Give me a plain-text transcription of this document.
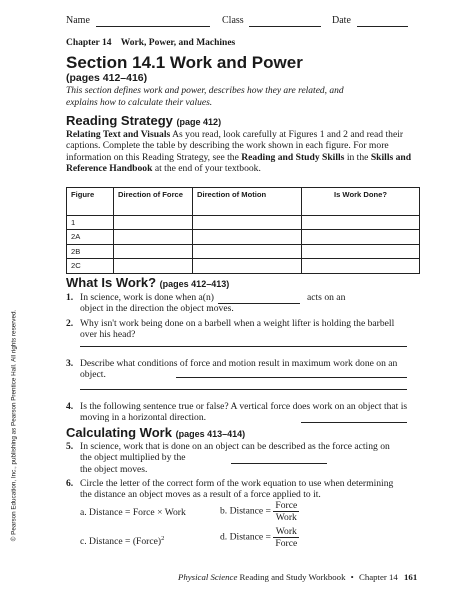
Name	Class	Date
Chapter 14    Work, Power, and Machines
Section 14.1 Work and Power
(pages 412–416)
This section defines work and power, describes how they are related, and explains how to calculate their values.
Reading Strategy (page 412)
Relating Text and Visuals As you read, look carefully at Figures 1 and 2 and read their captions. Complete the table by describing the work shown in each figure. For more information on this Reading Strategy, see the Reading and Study Skills in the Skills and Reference Handbook at the end of your textbook.
Figure	Direction of Force	Direction of Motion	Is Work Done?
1			
2A			
2B			
2C			
What Is Work? (pages 412–413)
1. In science, work is done when a(n)	acts on an
object in the direction the object moves.
2. Why isn't work being done on a barbell when a weight lifter is holding the barbell over his head?
3. Describe what conditions of force and motion result in maximum work done on an object.
4. Is the following sentence true or false? A vertical force does work on an object that is moving in a horizontal direction.
Calculating Work (pages 413–414)
5. In science, work that is done on an object can be described as the force acting on the object multiplied by the
the object moves.
6. Circle the letter of the correct form of the work equation to use when determining the distance an object moves as a result of a force applied to it.
a. Distance = Force × Work	b. Distance = $\frac{\text{Force}}{\text{Work}}$
c. Distance = (Force)$^2$	d. Distance = $\frac{\text{Work}}{\text{Force}}$
© Pearson Education, Inc., publishing as Pearson Prentice Hall. All rights reserved.
Physical Science Reading and Study Workbook • Chapter 14 161
